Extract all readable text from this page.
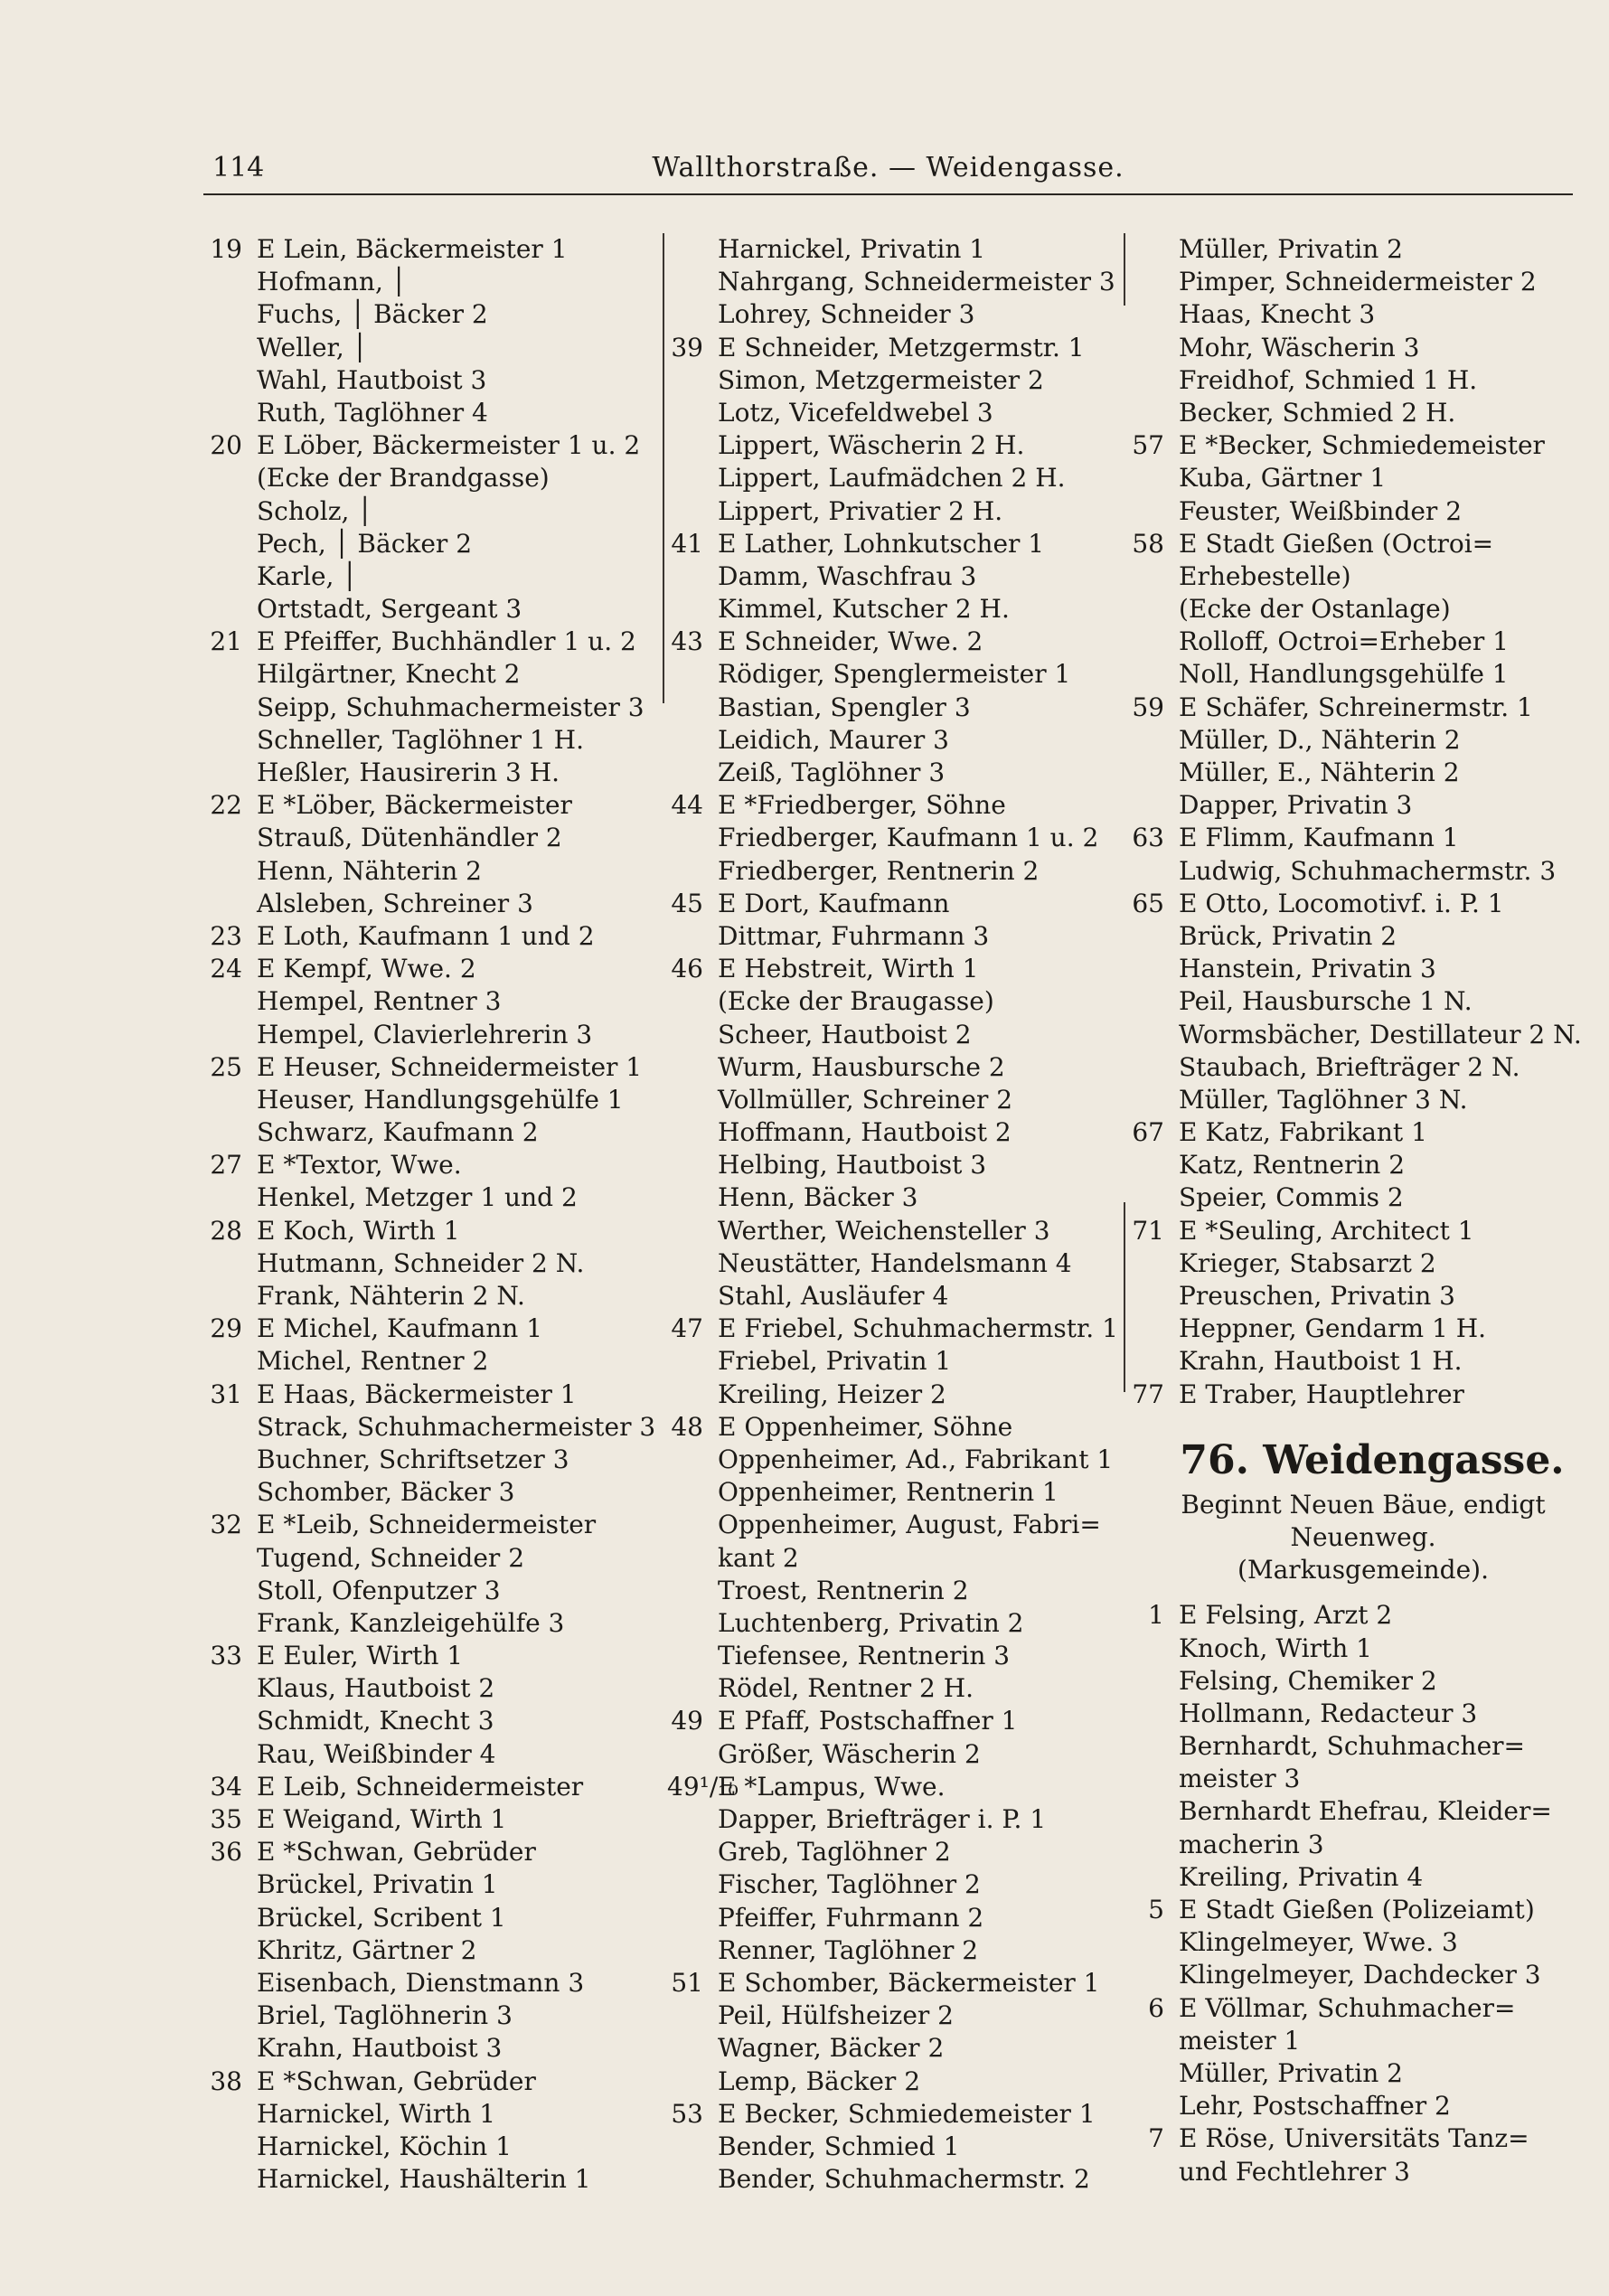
114	Wallthorstraße. — Weidengasse.
19 E Lein, Bäckermeister 1
Hofmann, │
Fuchs, │ Bäcker 2
Weller, │
Wahl, Hautboist 3
Ruth, Taglöhner 4
20 E Löber, Bäckermeister 1 u. 2
(Ecke der Brandgasse)
Scholz, │
Pech, │ Bäcker 2
Karle, │
Ortstadt, Sergeant 3
21 E Pfeiffer, Buchhändler 1 u. 2
Hilgärtner, Knecht 2
Seipp, Schuhmachermeister 3
Schneller, Taglöhner 1 H.
Heßler, Hausirerin 3 H.
22 E *Löber, Bäckermeister
Strauß, Dütenhändler 2
Henn, Nähterin 2
Alsleben, Schreiner 3
23 E Loth, Kaufmann 1 und 2
24 E Kempf, Wwe. 2
Hempel, Rentner 3
Hempel, Clavierlehrerin 3
25 E Heuser, Schneidermeister 1
Heuser, Handlungsgehülfe 1
Schwarz, Kaufmann 2
27 E *Textor, Wwe.
Henkel, Metzger 1 und 2
28 E Koch, Wirth 1
Hutmann, Schneider 2 N.
Frank, Nähterin 2 N.
29 E Michel, Kaufmann 1
Michel, Rentner 2
31 E Haas, Bäckermeister 1
Strack, Schuhmachermeister 3
Buchner, Schriftsetzer 3
Schomber, Bäcker 3
32 E *Leib, Schneidermeister
Tugend, Schneider 2
Stoll, Ofenputzer 3
Frank, Kanzleigehülfe 3
33 E Euler, Wirth 1
Klaus, Hautboist 2
Schmidt, Knecht 3
Rau, Weißbinder 4
34 E Leib, Schneidermeister
35 E Weigand, Wirth 1
36 E *Schwan, Gebrüder
Brückel, Privatin 1
Brückel, Scribent 1
Khritz, Gärtner 2
Eisenbach, Dienstmann 3
Briel, Taglöhnerin 3
Krahn, Hautboist 3
38 E *Schwan, Gebrüder
Harnickel, Wirth 1
Harnickel, Köchin 1
Harnickel, Haushälterin 1
Harnickel, Privatin 1
Nahrgang, Schneidermeister 3
Lohrey, Schneider 3
39 E Schneider, Metzgermstr. 1
Simon, Metzgermeister 2
Lotz, Vicefeldwebel 3
Lippert, Wäscherin 2 H.
Lippert, Laufmädchen 2 H.
Lippert, Privatier 2 H.
41 E Lather, Lohnkutscher 1
Damm, Waschfrau 3
Kimmel, Kutscher 2 H.
43 E Schneider, Wwe. 2
Rödiger, Spenglermeister 1
Bastian, Spengler 3
Leidich, Maurer 3
Zeiß, Taglöhner 3
44 E *Friedberger, Söhne
Friedberger, Kaufmann 1 u. 2
Friedberger, Rentnerin 2
45 E Dort, Kaufmann
Dittmar, Fuhrmann 3
46 E Hebstreit, Wirth 1
(Ecke der Braugasse)
Scheer, Hautboist 2
Wurm, Hausbursche 2
Vollmüller, Schreiner 2
Hoffmann, Hautboist 2
Helbing, Hautboist 3
Henn, Bäcker 3
Werther, Weichensteller 3
Neustätter, Handelsmann 4
Stahl, Ausläufer 4
47 E Friebel, Schuhmachermstr. 1
Friebel, Privatin 1
Kreiling, Heizer 2
48 E Oppenheimer, Söhne
Oppenheimer, Ad., Fabrikant 1
Oppenheimer, Rentnerin 1
Oppenheimer, August, Fabri=
kant 2
Troest, Rentnerin 2
Luchtenberg, Privatin 2
Tiefensee, Rentnerin 3
Rödel, Rentner 2 H.
49 E Pfaff, Postschaffner 1
Größer, Wäscherin 2
49¹/₁₀
E *Lampus, Wwe.
Dapper, Briefträger i. P. 1
Greb, Taglöhner 2
Fischer, Taglöhner 2
Pfeiffer, Fuhrmann 2
Renner, Taglöhner 2
51 E Schomber, Bäckermeister 1
Peil, Hülfsheizer 2
Wagner, Bäcker 2
Lemp, Bäcker 2
53 E Becker, Schmiedemeister 1
Bender, Schmied 1
Bender, Schuhmachermstr. 2
Müller, Privatin 2
Pimper, Schneidermeister 2
Haas, Knecht 3
Mohr, Wäscherin 3
Freidhof, Schmied 1 H.
Becker, Schmied 2 H.
57 E *Becker, Schmiedemeister
Kuba, Gärtner 1
Feuster, Weißbinder 2
58 E Stadt Gießen (Octroi=
Erhebestelle)
(Ecke der Ostanlage)
Rolloff, Octroi=Erheber 1
Noll, Handlungsgehülfe 1
59 E Schäfer, Schreinermstr. 1
Müller, D., Nähterin 2
Müller, E., Nähterin 2
Dapper, Privatin 3
63 E Flimm, Kaufmann 1
Ludwig, Schuhmachermstr. 3
65 E Otto, Locomotivf. i. P. 1
Brück, Privatin 2
Hanstein, Privatin 3
Peil, Hausbursche 1 N.
Wormsbächer, Destillateur 2 N.
Staubach, Briefträger 2 N.
Müller, Taglöhner 3 N.
67 E Katz, Fabrikant 1
Katz, Rentnerin 2
Speier, Commis 2
71 E *Seuling, Architect 1
Krieger, Stabsarzt 2
Preuschen, Privatin 3
Heppner, Gendarm 1 H.
Krahn, Hautboist 1 H.
77 E Traber, Hauptlehrer
76. Weidengasse.
Beginnt Neuen Bäue, endigt
Neuenweg.
(Markusgemeinde).
1 E Felsing, Arzt 2
Knoch, Wirth 1
Felsing, Chemiker 2
Hollmann, Redacteur 3
Bernhardt, Schuhmacher=
meister 3
Bernhardt Ehefrau, Kleider=
macherin 3
Kreiling, Privatin 4
5 E Stadt Gießen (Polizeiamt)
Klingelmeyer, Wwe. 3
Klingelmeyer, Dachdecker 3
6 E Völlmar, Schuhmacher=
meister 1
Müller, Privatin 2
Lehr, Postschaffner 2
7 E Röse, Universitäts Tanz=
und Fechtlehrer 3
